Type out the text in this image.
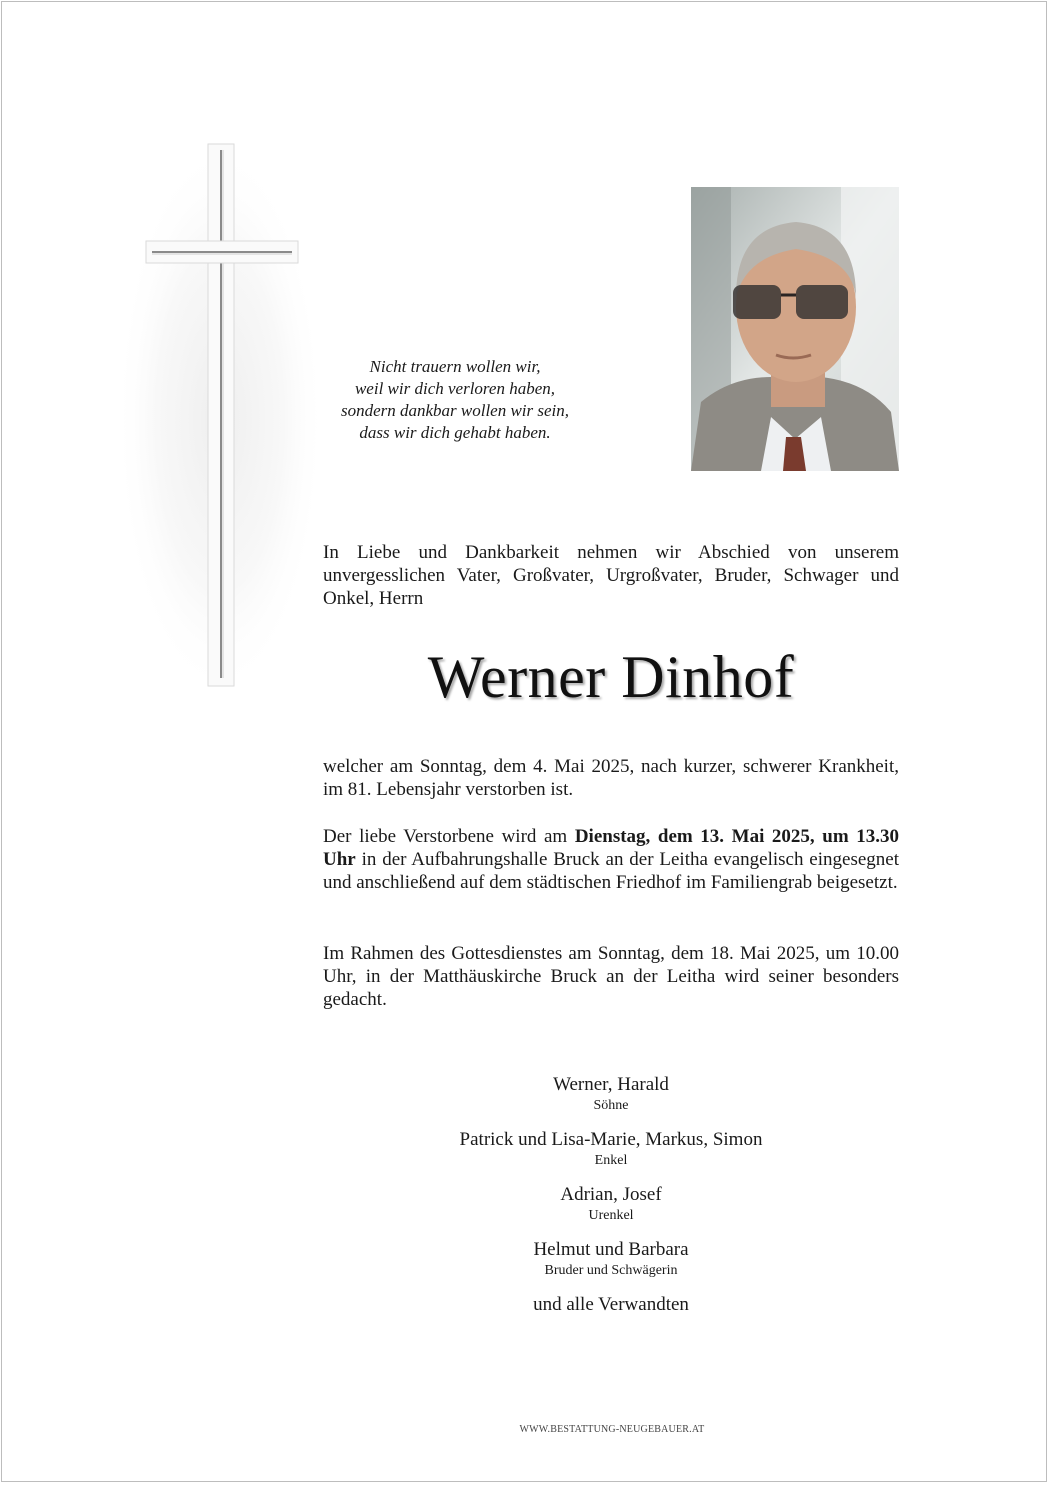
Nicht trauern wollen wir,
weil wir dich verloren haben,
sondern dankbar wollen wir sein,
dass wir dich gehabt haben.
In Liebe und Dankbarkeit nehmen wir Abschied von unserem unvergesslichen Vater, Großvater, Urgroßvater, Bruder, Schwager und Onkel, Herrn
Werner Dinhof
welcher am Sonntag, dem 4. Mai 2025, nach kurzer, schwerer Krankheit, im 81. Lebensjahr verstorben ist.
Der liebe Verstorbene wird am Dienstag, dem 13. Mai 2025, um 13.30 Uhr in der Aufbahrungshalle Bruck an der Leitha evangelisch eingesegnet und anschließend auf dem städtischen Friedhof im Familiengrab beigesetzt.
Im Rahmen des Gottesdienstes am Sonntag, dem 18. Mai 2025, um 10.00 Uhr, in der Matthäuskirche Bruck an der Leitha wird seiner besonders gedacht.
Werner, Harald
Söhne
Patrick und Lisa-Marie, Markus, Simon
Enkel
Adrian, Josef
Urenkel
Helmut und Barbara
Bruder und Schwägerin
und alle Verwandten
WWW.BESTATTUNG-NEUGEBAUER.AT
